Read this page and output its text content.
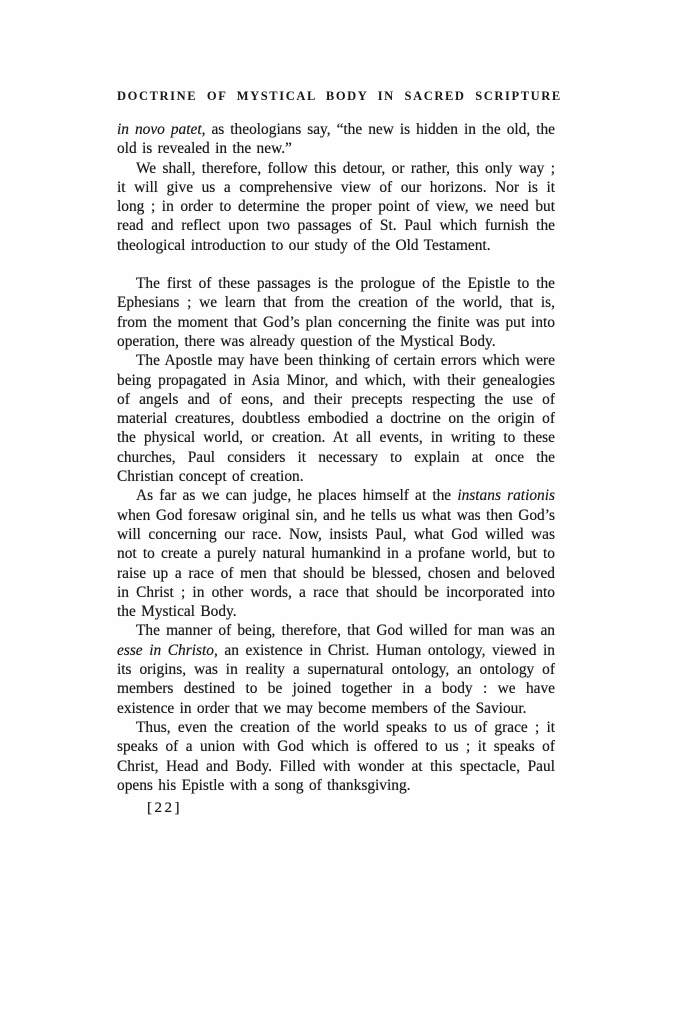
DOCTRINE OF MYSTICAL BODY IN SACRED SCRIPTURE

in novo patet, as theologians say, “the new is hidden in the old, the old is revealed in the new.”

We shall, therefore, follow this detour, or rather, this only way ; it will give us a comprehensive view of our horizons. Nor is it long ; in order to determine the proper point of view, we need but read and reflect upon two passages of St. Paul which furnish the theological introduction to our study of the Old Testament.

The first of these passages is the prologue of the Epistle to the Ephesians ; we learn that from the creation of the world, that is, from the moment that God’s plan concerning the finite was put into operation, there was already question of the Mystical Body.

The Apostle may have been thinking of certain errors which were being propagated in Asia Minor, and which, with their genealogies of angels and of eons, and their precepts respecting the use of material creatures, doubtless embodied a doctrine on the origin of the physical world, or creation. At all events, in writing to these churches, Paul considers it necessary to explain at once the Christian concept of creation.

As far as we can judge, he places himself at the instans rationis when God foresaw original sin, and he tells us what was then God’s will concerning our race. Now, insists Paul, what God willed was not to create a purely natural humankind in a profane world, but to raise up a race of men that should be blessed, chosen and beloved in Christ ; in other words, a race that should be incorporated into the Mystical Body.

The manner of being, therefore, that God willed for man was an esse in Christo, an existence in Christ. Human ontology, viewed in its origins, was in reality a supernatural ontology, an ontology of members destined to be joined together in a body : we have existence in order that we may become members of the Saviour.

Thus, even the creation of the world speaks to us of grace ; it speaks of a union with God which is offered to us ; it speaks of Christ, Head and Body. Filled with wonder at this spectacle, Paul opens his Epistle with a song of thanksgiving.

[22]
